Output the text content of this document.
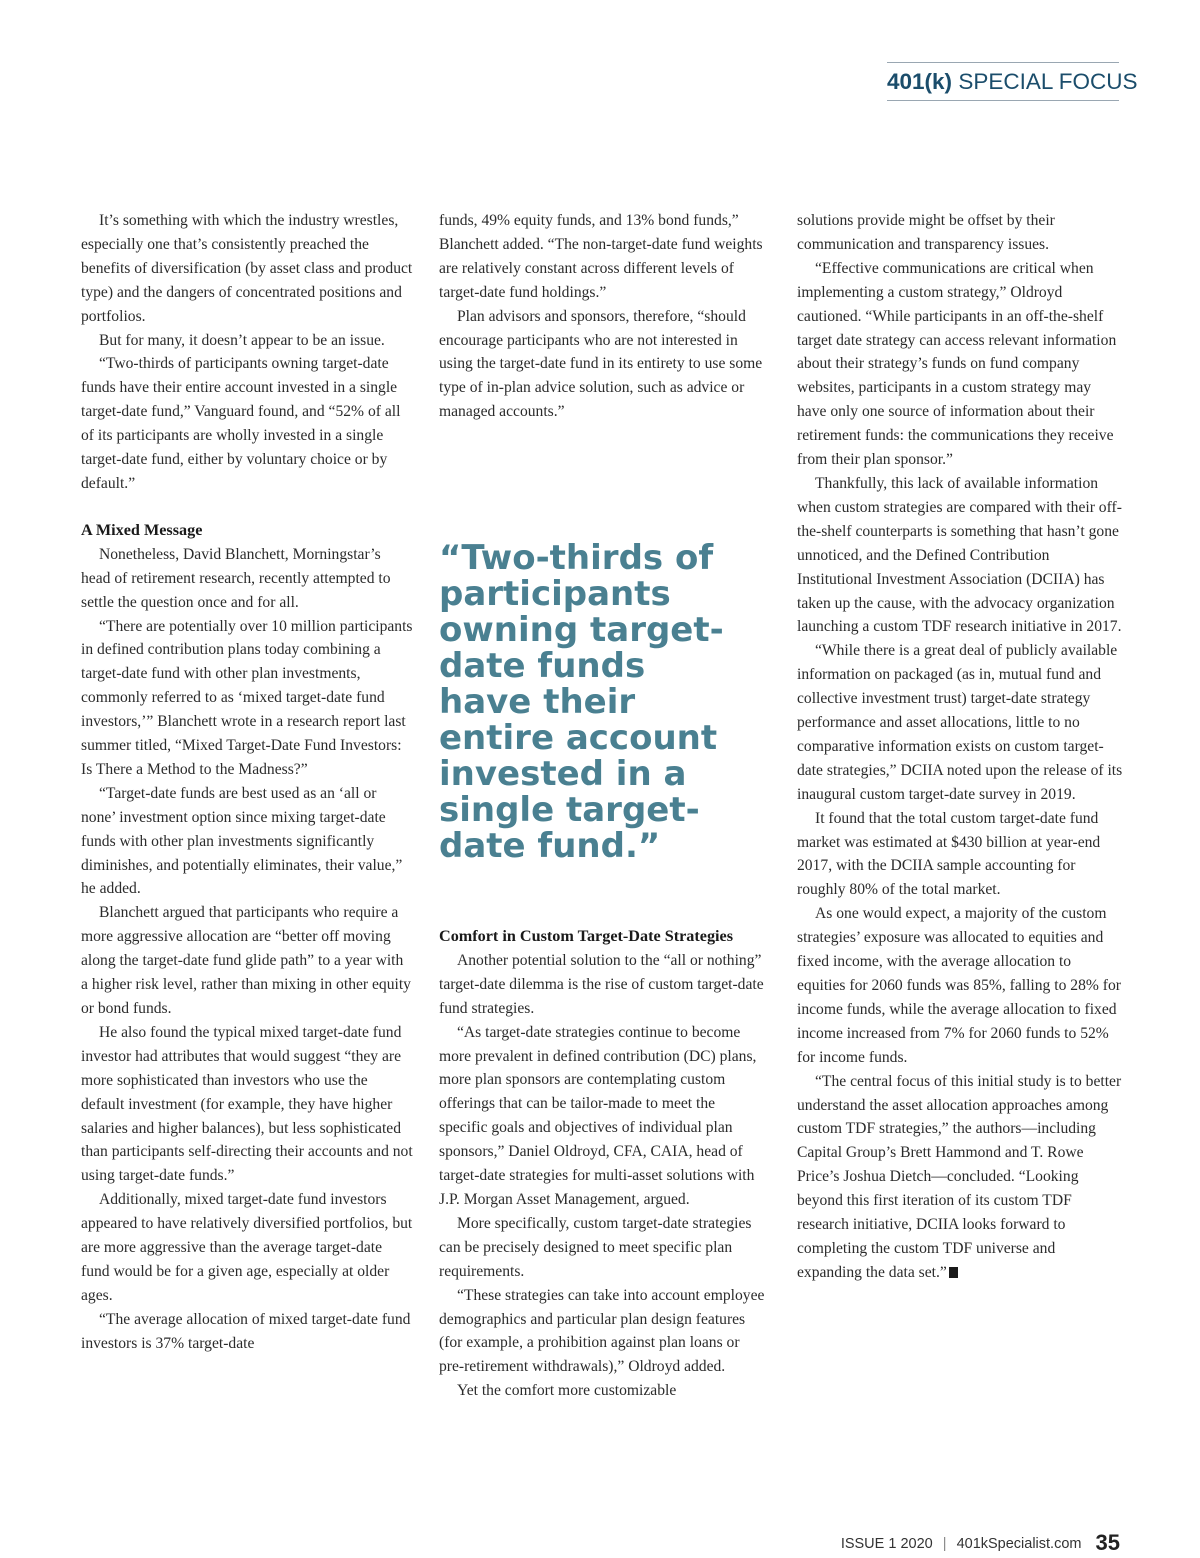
401(k) SPECIAL FOCUS

It’s something with which the industry wrestles, especially one that’s consistently preached the benefits of diversification (by asset class and product type) and the dangers of concentrated positions and portfolios.

But for many, it doesn’t appear to be an issue.

“Two-thirds of participants owning target-date funds have their entire account invested in a single target-date fund,” Vanguard found, and “52% of all of its participants are wholly invested in a single target-date fund, either by voluntary choice or by default.”

A Mixed Message

Nonetheless, David Blanchett, Morningstar’s head of retirement research, recently attempted to settle the question once and for all.

“There are potentially over 10 million participants in defined contribution plans today combining a target-date fund with other plan investments, commonly referred to as ‘mixed target-date fund investors,’” Blanchett wrote in a research report last summer titled, “Mixed Target-Date Fund Investors: Is There a Method to the Madness?”

“Target-date funds are best used as an ‘all or none’ investment option since mixing target-date funds with other plan investments significantly diminishes, and potentially eliminates, their value,” he added.

Blanchett argued that participants who require a more aggressive allocation are “better off moving along the target-date fund glide path” to a year with a higher risk level, rather than mixing in other equity or bond funds.

He also found the typical mixed target-date fund investor had attributes that would suggest “they are more sophisticated than investors who use the default investment (for example, they have higher salaries and higher balances), but less sophisticated than participants self-directing their accounts and not using target-date funds.”

Additionally, mixed target-date fund investors appeared to have relatively diversified portfolios, but are more aggressive than the average target-date fund would be for a given age, especially at older ages.

“The average allocation of mixed target-date fund investors is 37% target-date

funds, 49% equity funds, and 13% bond funds,” Blanchett added. “The non-target-date fund weights are relatively constant across different levels of target-date fund holdings.”

Plan advisors and sponsors, therefore, “should encourage participants who are not interested in using the target-date fund in its entirety to use some type of in-plan advice solution, such as advice or managed accounts.”

“Two-thirds of
participants
owning target-
date funds
have their
entire account
invested in a
single target-
date fund.”
Comfort in Custom Target-Date Strategies

Another potential solution to the “all or nothing” target-date dilemma is the rise of custom target-date fund strategies.

“As target-date strategies continue to become more prevalent in defined contribution (DC) plans, more plan sponsors are contemplating custom offerings that can be tailor-made to meet the specific goals and objectives of individual plan sponsors,” Daniel Oldroyd, CFA, CAIA, head of target-date strategies for multi-asset solutions with J.P. Morgan Asset Management, argued.

More specifically, custom target-date strategies can be precisely designed to meet specific plan requirements.

“These strategies can take into account employee demographics and particular plan design features (for example, a prohibition against plan loans or pre-retirement withdrawals),” Oldroyd added.

Yet the comfort more customizable

solutions provide might be offset by their communication and transparency issues.

“Effective communications are critical when implementing a custom strategy,” Oldroyd cautioned. “While participants in an off-the-shelf target date strategy can access relevant information about their strategy’s funds on fund company websites, participants in a custom strategy may have only one source of information about their retirement funds: the communications they receive from their plan sponsor.”

Thankfully, this lack of available information when custom strategies are compared with their off-the-shelf counterparts is something that hasn’t gone unnoticed, and the Defined Contribution Institutional Investment Association (DCIIA) has taken up the cause, with the advocacy organization launching a custom TDF research initiative in 2017.

“While there is a great deal of publicly available information on packaged (as in, mutual fund and collective investment trust) target-date strategy performance and asset allocations, little to no comparative information exists on custom target-date strategies,” DCIIA noted upon the release of its inaugural custom target-date survey in 2019.

It found that the total custom target-date fund market was estimated at $430 billion at year-end 2017, with the DCIIA sample accounting for roughly 80% of the total market.

As one would expect, a majority of the custom strategies’ exposure was allocated to equities and fixed income, with the average allocation to equities for 2060 funds was 85%, falling to 28% for income funds, while the average allocation to fixed income increased from 7% for 2060 funds to 52% for income funds.

“The central focus of this initial study is to better understand the asset allocation approaches among custom TDF strategies,” the authors—including Capital Group’s Brett Hammond and T. Rowe Price’s Joshua Dietch—concluded. “Looking beyond this first iteration of its custom TDF research initiative, DCIIA looks forward to completing the custom TDF universe and expanding the data set.”

ISSUE 1 2020 | 401kSpecialist.com 35
